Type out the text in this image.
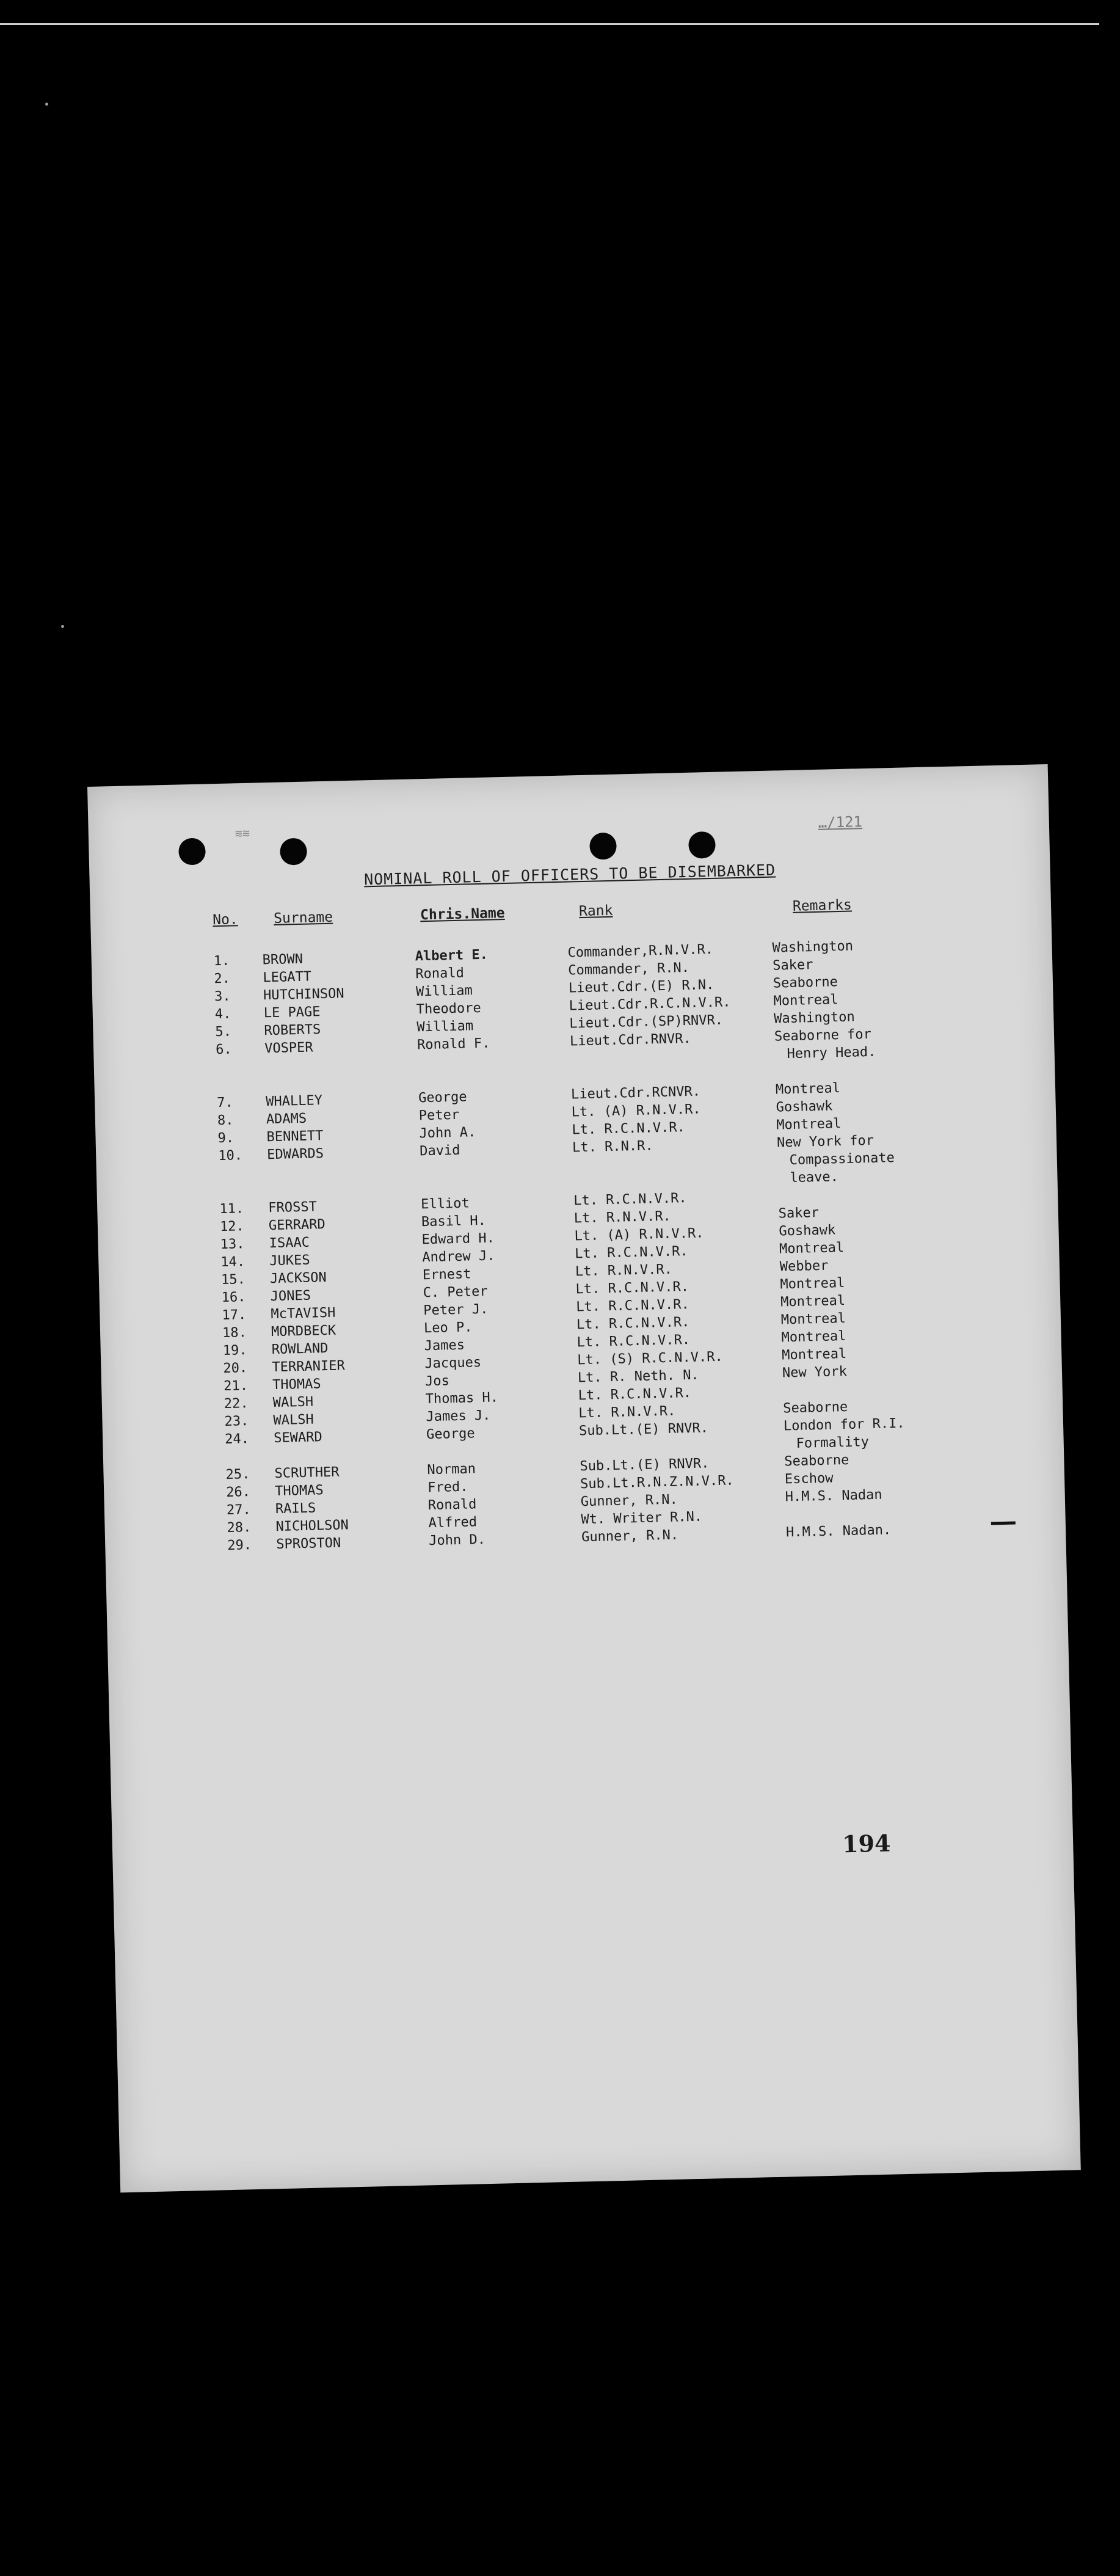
≋≋
…/121
NOMINAL ROLL OF OFFICERS TO BE DISEMBARKED
No.	Surname	Chris.Name	Rank	Remarks
1.	BROWN	Albert E.	Commander,R.N.V.R.	Washington
2.	LEGATT	Ronald	Commander, R.N.	Saker
3.	HUTCHINSON	William	Lieut.Cdr.(E) R.N.	Seaborne
4.	LE PAGE	Theodore	Lieut.Cdr.R.C.N.V.R.	Montreal
5.	ROBERTS	William	Lieut.Cdr.(SP)RNVR.	Washington
6.	VOSPER	Ronald F.	Lieut.Cdr.RNVR.	Seaborne for
Henry Head.
7.	WHALLEY	George	Lieut.Cdr.RCNVR.	Montreal
8.	ADAMS	Peter	Lt. (A) R.N.V.R.	Goshawk
9.	BENNETT	John A.	Lt. R.C.N.V.R.	Montreal
10.	EDWARDS	David	Lt. R.N.R.	New York for
Compassionate
leave.
11.	FROSST	Elliot	Lt. R.C.N.V.R.
12.	GERRARD	Basil H.	Lt. R.N.V.R.	Saker
13.	ISAAC	Edward H.	Lt. (A) R.N.V.R.	Goshawk
14.	JUKES	Andrew J.	Lt. R.C.N.V.R.	Montreal
15.	JACKSON	Ernest	Lt. R.N.V.R.	Webber
16.	JONES	C. Peter	Lt. R.C.N.V.R.	Montreal
17.	McTAVISH	Peter J.	Lt. R.C.N.V.R.	Montreal
18.	MORDBECK	Leo P.	Lt. R.C.N.V.R.	Montreal
19.	ROWLAND	James	Lt. R.C.N.V.R.	Montreal
20.	TERRANIER	Jacques	Lt. (S) R.C.N.V.R.	Montreal
21.	THOMAS	Jos	Lt. R. Neth. N.	New York
22.	WALSH	Thomas H.	Lt. R.C.N.V.R.
23.	WALSH	James J.	Lt. R.N.V.R.	Seaborne
24.	SEWARD	George	Sub.Lt.(E) RNVR.	London for R.I.
Formality
25.	SCRUTHER	Norman	Sub.Lt.(E) RNVR.	Seaborne
26.	THOMAS	Fred.	Sub.Lt.R.N.Z.N.V.R.	Eschow
27.	RAILS	Ronald	Gunner, R.N.	H.M.S. Nadan
28.	NICHOLSON	Alfred	Wt. Writer R.N.
29.	SPROSTON	John D.	Gunner, R.N.	H.M.S. Nadan.
194
